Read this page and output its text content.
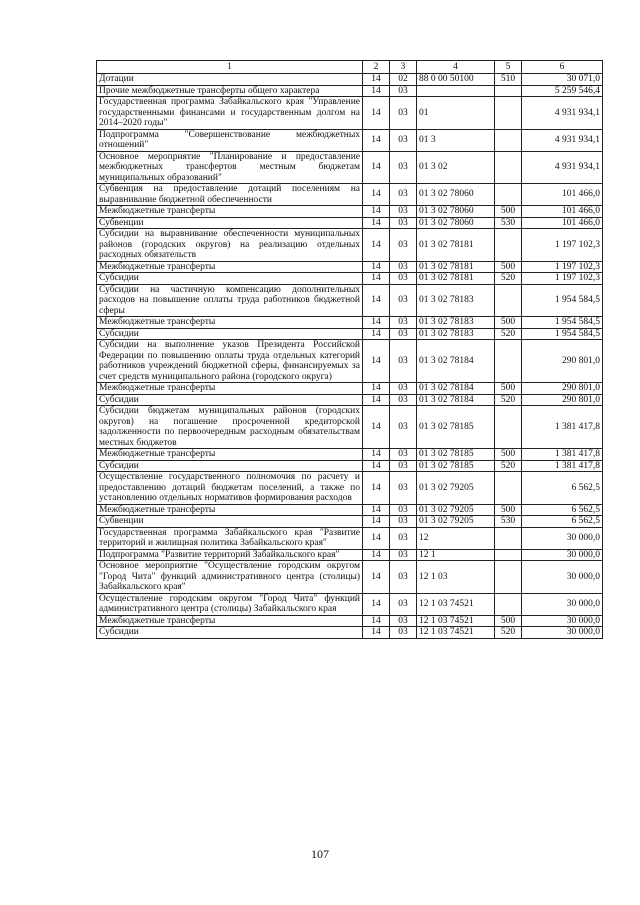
1	2	3	4	5	6
Дотации	14	02	88 0 00 50100	510	30 071,0
Прочие межбюджетные трансферты общего характера	14	03			5 259 546,4
Государственная программа Забайкальского края "Управление государственными финансами и государственным долгом на 2014–2020 годы"	14	03	01		4 931 934,1
Подпрограмма "Совершенствование межбюджетных отношений"	14	03	01 3		4 931 934,1
Основное мероприятие "Планирование и предоставление межбюджетных трансфертов местным бюджетам муниципальных образований"	14	03	01 3 02		4 931 934,1
Субвенция на предоставление дотаций поселениям на выравнивание бюджетной обеспеченности	14	03	01 3 02 78060		101 466,0
Межбюджетные трансферты	14	03	01 3 02 78060	500	101 466,0
Субвенции	14	03	01 3 02 78060	530	101 466,0
Субсидии на выравнивание обеспеченности муниципальных районов (городских округов) на реализацию отдельных расходных обязательств	14	03	01 3 02 78181		1 197 102,3
Межбюджетные трансферты	14	03	01 3 02 78181	500	1 197 102,3
Субсидии	14	03	01 3 02 78181	520	1 197 102,3
Субсидии на частичную компенсацию дополнительных расходов на повышение оплаты труда работников бюджетной сферы	14	03	01 3 02 78183		1 954 584,5
Межбюджетные трансферты	14	03	01 3 02 78183	500	1 954 584,5
Субсидии	14	03	01 3 02 78183	520	1 954 584,5
Субсидии на выполнение указов Президента Российской Федерации по повышению оплаты труда отдельных категорий работников учреждений бюджетной сферы, финансируемых за счет средств муниципального района (городского округа)	14	03	01 3 02 78184		290 801,0
Межбюджетные трансферты	14	03	01 3 02 78184	500	290 801,0
Субсидии	14	03	01 3 02 78184	520	290 801,0
Субсидии бюджетам муниципальных районов (городских округов) на погашение просроченной кредиторской задолженности по первоочередным расходным обязательствам местных бюджетов	14	03	01 3 02 78185		1 381 417,8
Межбюджетные трансферты	14	03	01 3 02 78185	500	1 381 417,8
Субсидии	14	03	01 3 02 78185	520	1 381 417,8
Осуществление государственного полномочия по расчету и предоставлению дотаций бюджетам поселений, а также по установлению отдельных нормативов формирования расходов	14	03	01 3 02 79205		6 562,5
Межбюджетные трансферты	14	03	01 3 02 79205	500	6 562,5
Субвенции	14	03	01 3 02 79205	530	6 562,5
Государственная программа Забайкальского края "Развитие территорий и жилищная политика Забайкальского края"	14	03	12		30 000,0
Подпрограмма "Развитие территорий Забайкальского края"	14	03	12 1		30 000,0
Основное мероприятие "Осуществление городским округом "Город Чита" функций административного центра (столицы) Забайкальского края"	14	03	12 1 03		30 000,0
Осуществление городским округом "Город Чита" функций административного центра (столицы) Забайкальского края	14	03	12 1 03 74521		30 000,0
Межбюджетные трансферты	14	03	12 1 03 74521	500	30 000,0
Субсидии	14	03	12 1 03 74521	520	30 000,0
107
